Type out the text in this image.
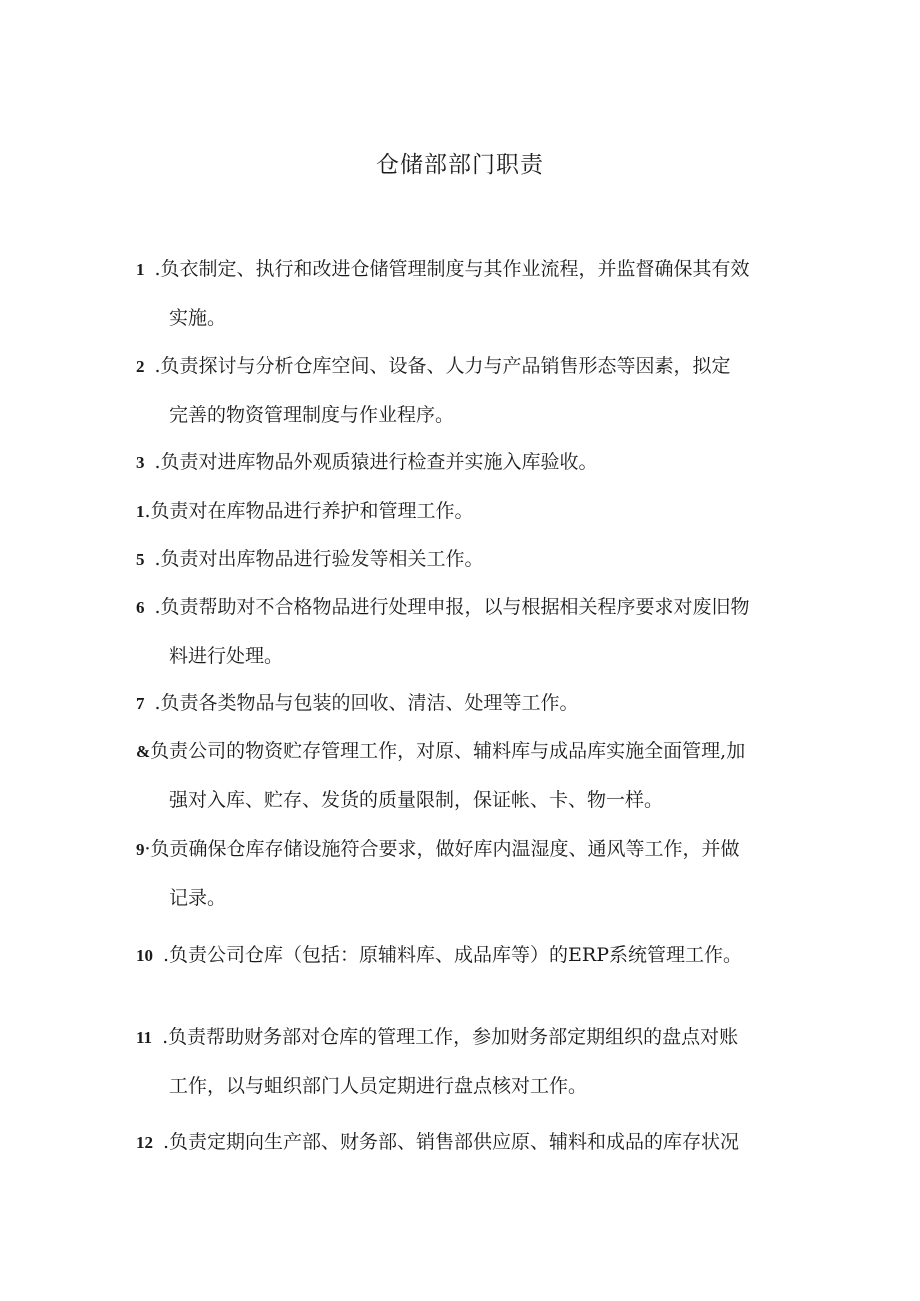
仓储部部门职责
1 .负衣制定、执行和改进仓储管理制度与其作业流程，并监督确保其有效
实施。
2 .负责探讨与分析仓库空间、设备、人力与产品销售形态等因素，拟定
完善的物资管理制度与作业程序。
3 .负责对进库物品外观质猿进行检查并实施入库验收。
1.负责对在库物品进行养护和管理工作。
5 .负责对出库物品进行验发等相关工作。
6 .负责帮助对不合格物品进行处理申报，以与根据相关程序要求对废旧物
料进行处理。
7 .负责各类物品与包装的回收、清洁、处理等工作。
&负责公司的物资贮存管理工作，对原、辅料库与成品库实施全面管理,加
强对入库、贮存、发货的质量限制，保证帐、卡、物一样。
9·负贡确保仓库存储设施符合要求，做好库内温湿度、通风等工作，并做
记录。
10 .负责公司仓库（包括：原辅料库、成品库等）的ERP系统管理工作。
11 .负责帮助财务部对仓库的管理工作，参加财务部定期组织的盘点对账
工作，以与蛆织部门人员定期进行盘点核对工作。
12 .负责定期向生产部、财务部、销售部供应原、辅料和成品的库存状况
